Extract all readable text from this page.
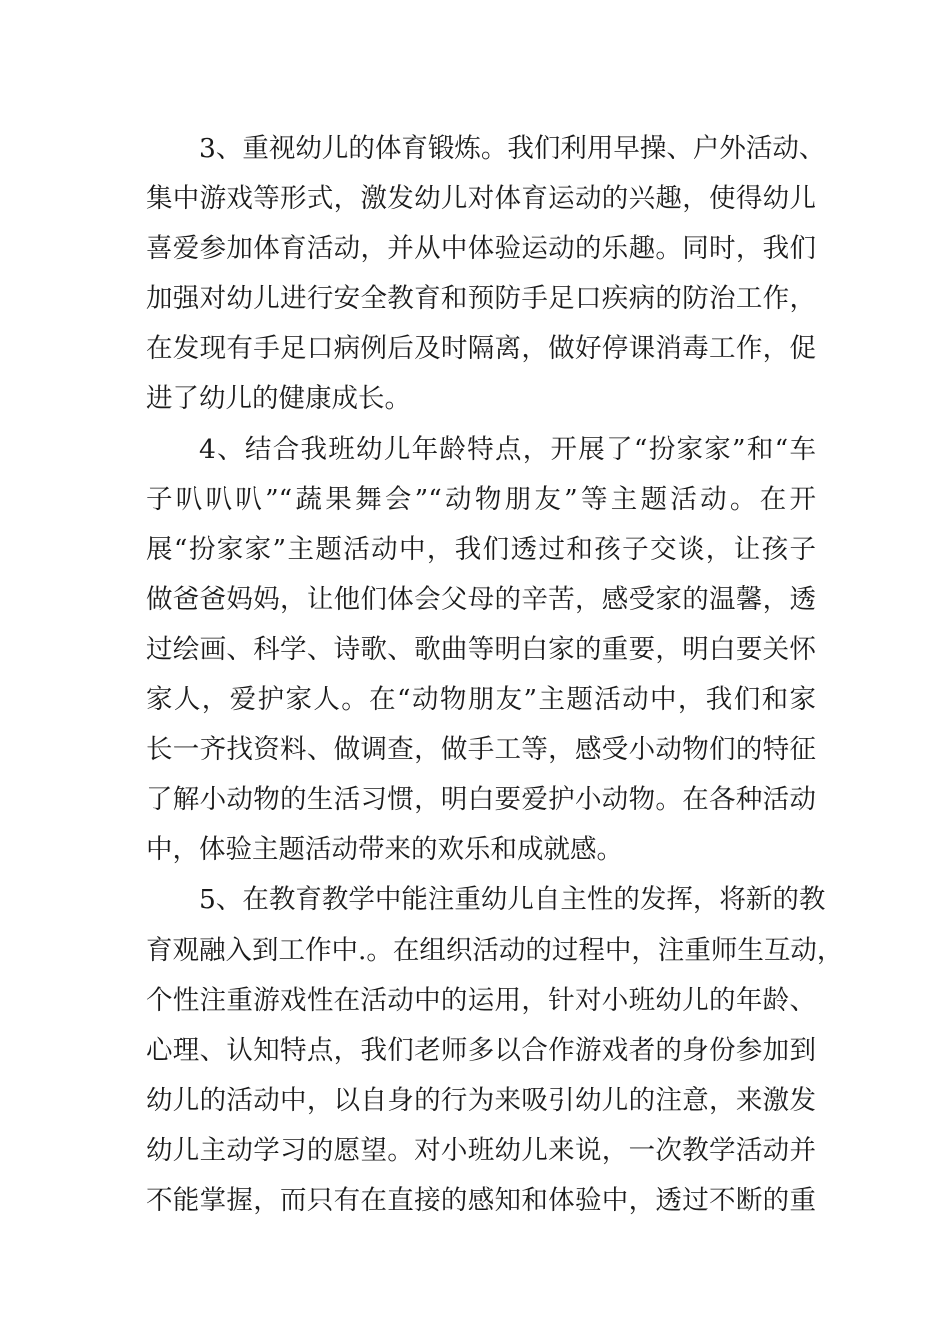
3、重视幼儿的体育锻炼。我们利用早操、户外活动、
集中游戏等形式，激发幼儿对体育运动的兴趣，使得幼儿
喜爱参加体育活动，并从中体验运动的乐趣。同时，我们
加强对幼儿进行安全教育和预防手足口疾病的防治工作，
在发现有手足口病例后及时隔离，做好停课消毒工作，促
进了幼儿的健康成长。
4、结合我班幼儿年龄特点，开展了“扮家家”和“车
子叭叭叭”“蔬果舞会”“动物朋友”等主题活动。在开
展“扮家家”主题活动中，我们透过和孩子交谈，让孩子
做爸爸妈妈，让他们体会父母的辛苦，感受家的温馨，透
过绘画、科学、诗歌、歌曲等明白家的重要，明白要关怀
家人，爱护家人。在“动物朋友”主题活动中，我们和家
长一齐找资料、做调查，做手工等，感受小动物们的特征
了解小动物的生活习惯，明白要爱护小动物。在各种活动
中，体验主题活动带来的欢乐和成就感。
5、在教育教学中能注重幼儿自主性的发挥，将新的教
育观融入到工作中.。在组织活动的过程中，注重师生互动，
个性注重游戏性在活动中的运用，针对小班幼儿的年龄、
心理、认知特点，我们老师多以合作游戏者的身份参加到
幼儿的活动中，以自身的行为来吸引幼儿的注意，来激发
幼儿主动学习的愿望。对小班幼儿来说，一次教学活动并
不能掌握，而只有在直接的感知和体验中，透过不断的重
